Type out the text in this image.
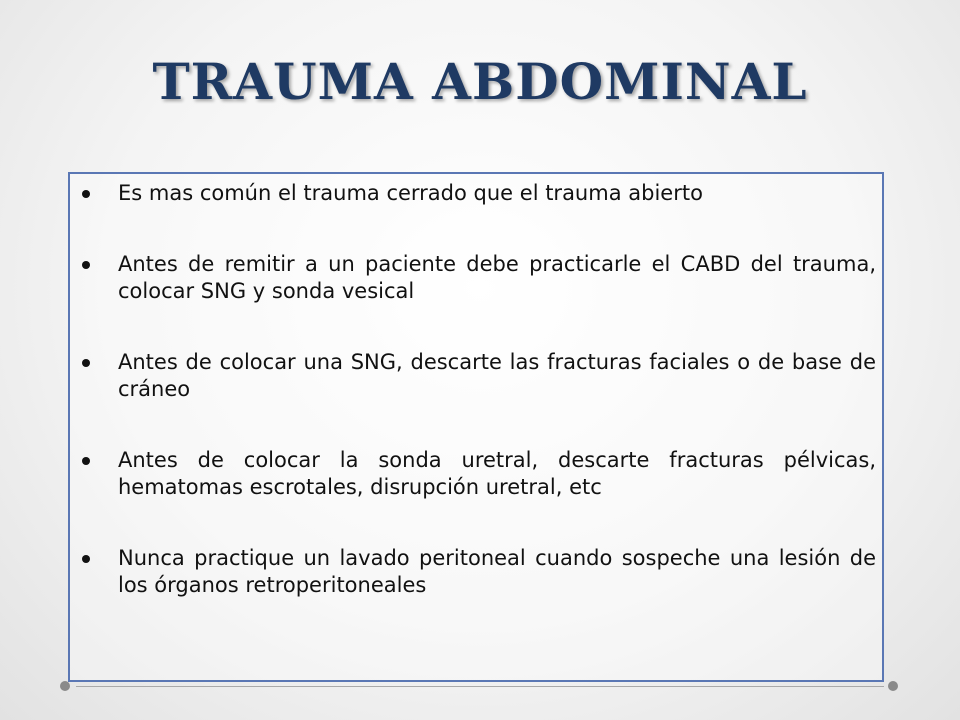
TRAUMA ABDOMINAL
Es mas común el trauma cerrado que el trauma abierto
Antes de remitir a un paciente debe practicarle el CABD del trauma, colocar SNG y sonda vesical
Antes de colocar una SNG, descarte las fracturas faciales o de base de cráneo
Antes de colocar la sonda uretral, descarte fracturas pélvicas, hematomas escrotales, disrupción uretral, etc
Nunca practique un lavado peritoneal cuando sospeche una lesión de los órganos retroperitoneales
